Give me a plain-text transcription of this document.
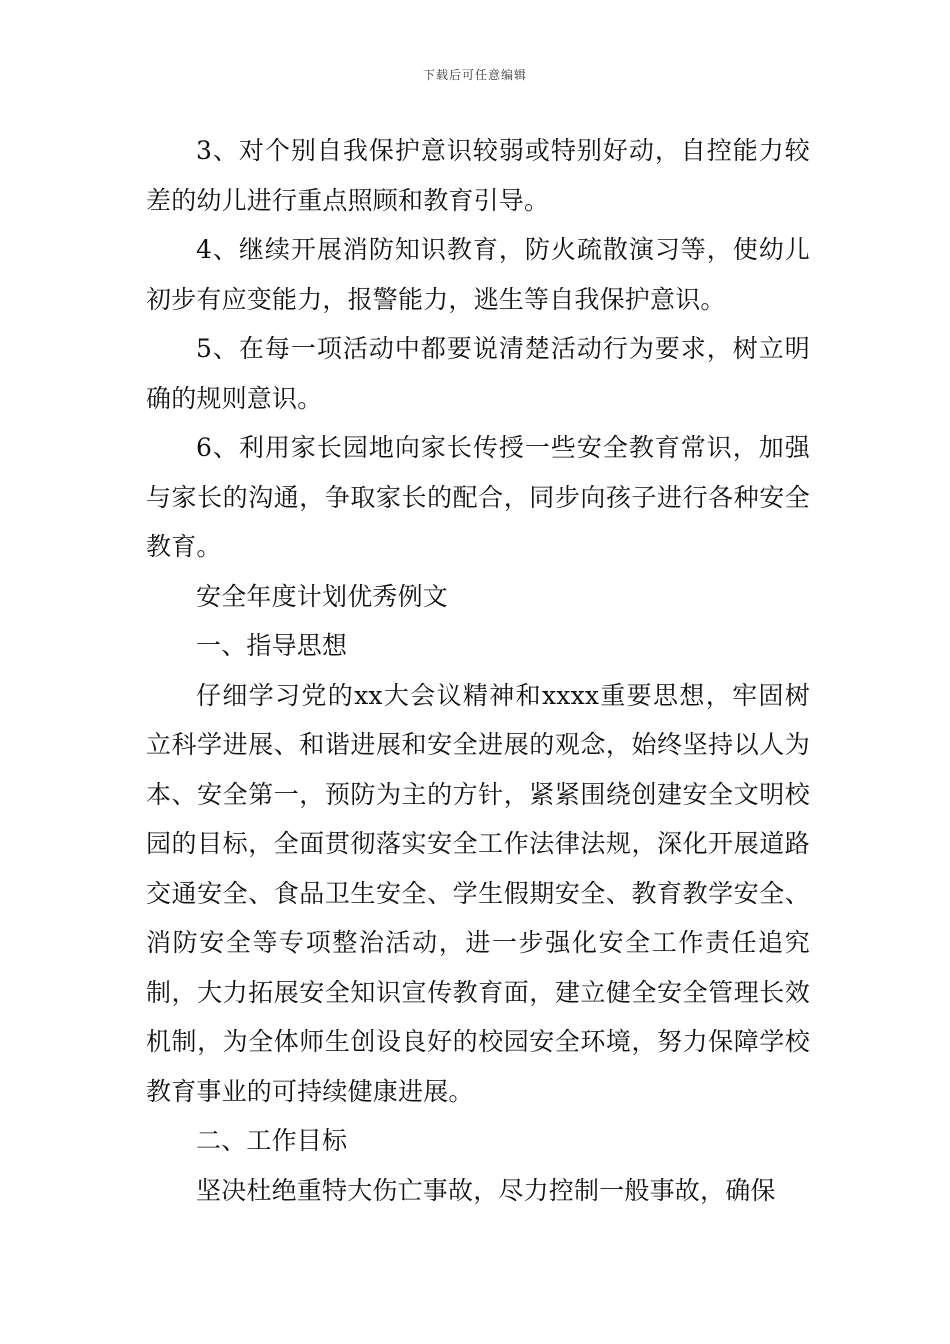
下载后可任意编辑

3、对个别自我保护意识较弱或特别好动，自控能力较差的幼儿进行重点照顾和教育引导。

4、继续开展消防知识教育，防火疏散演习等，使幼儿初步有应变能力，报警能力，逃生等自我保护意识。

5、在每一项活动中都要说清楚活动行为要求，树立明确的规则意识。

6、利用家长园地向家长传授一些安全教育常识，加强与家长的沟通，争取家长的配合，同步向孩子进行各种安全教育。

安全年度计划优秀例文

一、指导思想

仔细学习党的xx大会议精神和xxxx重要思想，牢固树立科学进展、和谐进展和安全进展的观念，始终坚持以人为本、安全第一，预防为主的方针，紧紧围绕创建安全文明校园的目标，全面贯彻落实安全工作法律法规，深化开展道路交通安全、食品卫生安全、学生假期安全、教育教学安全、消防安全等专项整治活动，进一步强化安全工作责任追究制，大力拓展安全知识宣传教育面，建立健全安全管理长效机制，为全体师生创设良好的校园安全环境，努力保障学校教育事业的可持续健康进展。

二、工作目标

坚决杜绝重特大伤亡事故，尽力控制一般事故，确保
